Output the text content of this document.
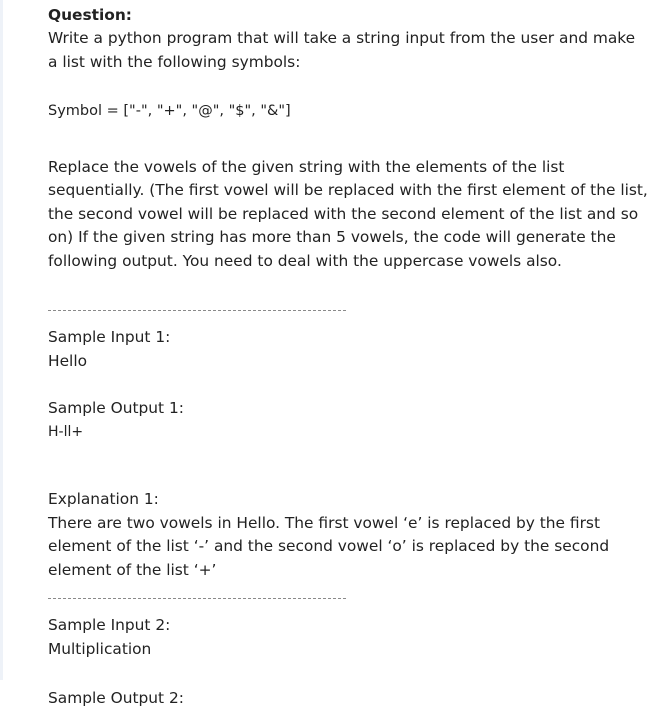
Question:

Write a python program that will take a string input from the user and make a list with the following symbols:

Symbol = ["-", "+", "@", "$", "&"]

Replace the vowels of the given string with the elements of the list sequentially. (The first vowel will be replaced with the first element of the list, the second vowel will be replaced with the second element of the list and so on) If the given string has more than 5 vowels, the code will generate the following output. You need to deal with the uppercase vowels also.

Sample Input 1:

Hello

Sample Output 1:

H-ll+

Explanation 1:

There are two vowels in Hello. The first vowel ‘e’ is replaced by the first element of the list ‘-’ and the second vowel ‘o’ is replaced by the second element of the list ‘+’

Sample Input 2:

Multiplication

Sample Output 2:
